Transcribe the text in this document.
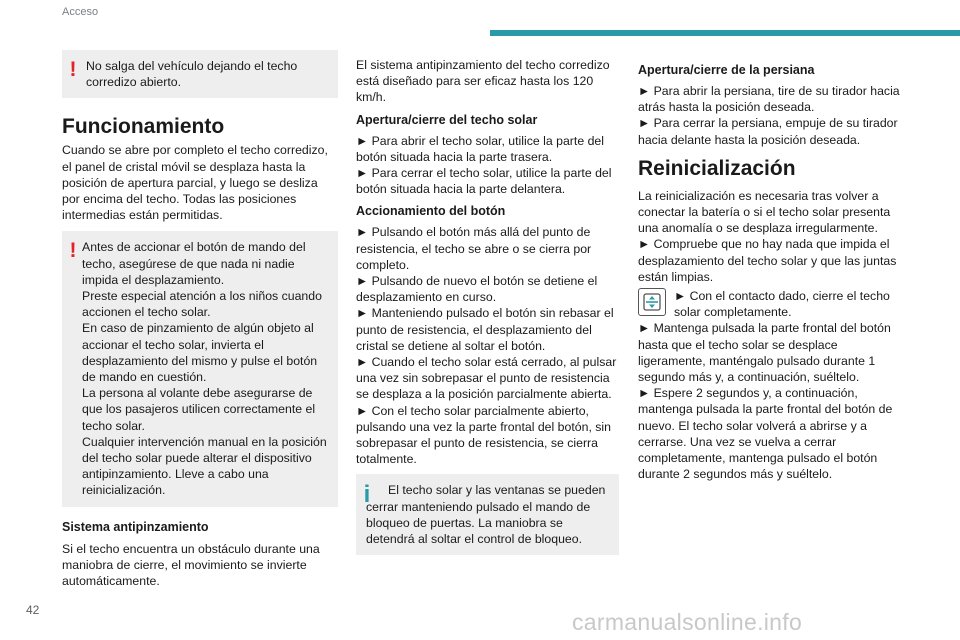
Acceso
! No salga del vehículo dejando el techo corredizo abierto.

Funcionamiento

Cuando se abre por completo el techo corredizo, el panel de cristal móvil se desplaza hasta la posición de apertura parcial, y luego se desliza por encima del techo. Todas las posiciones intermedias están permitidas.

! Antes de accionar el botón de mando del techo, asegúrese de que nada ni nadie impida el desplazamiento.

Preste especial atención a los niños cuando accionen el techo solar.

En caso de pinzamiento de algún objeto al accionar el techo solar, invierta el desplazamiento del mismo y pulse el botón de mando en cuestión.

La persona al volante debe asegurarse de que los pasajeros utilicen correctamente el techo solar.

Cualquier intervención manual en la posición del techo solar puede alterar el dispositivo antipinzamiento. Lleve a cabo una reinicialización.

Sistema antipinzamiento

Si el techo encuentra un obstáculo durante una maniobra de cierre, el movimiento se invierte automáticamente.

El sistema antipinzamiento del techo corredizo está diseñado para ser eficaz hasta los 120 km/h.

Apertura/cierre del techo solar

► Para abrir el techo solar, utilice la parte del botón situada hacia la parte trasera.

► Para cerrar el techo solar, utilice la parte del botón situada hacia la parte delantera.

Accionamiento del botón

► Pulsando el botón más allá del punto de resistencia, el techo se abre o se cierra por completo.

► Pulsando de nuevo el botón se detiene el desplazamiento en curso.

► Manteniendo pulsado el botón sin rebasar el punto de resistencia, el desplazamiento del cristal se detiene al soltar el botón.

► Cuando el techo solar está cerrado, al pulsar una vez sin sobrepasar el punto de resistencia se desplaza a la posición parcialmente abierta.

► Con el techo solar parcialmente abierto, pulsando una vez la parte frontal del botón, sin sobrepasar el punto de resistencia, se cierra totalmente.

i	El techo solar y las ventanas se pueden cerrar manteniendo pulsado el mando de bloqueo de puertas. La maniobra se detendrá al soltar el control de bloqueo.

Apertura/cierre de la persiana

► Para abrir la persiana, tire de su tirador hacia atrás hasta la posición deseada.

► Para cerrar la persiana, empuje de su tirador hacia delante hasta la posición deseada.

Reinicialización

La reinicialización es necesaria tras volver a conectar la batería o si el techo solar presenta una anomalía o se desplaza irregularmente.

► Compruebe que no hay nada que impida el desplazamiento del techo solar y que las juntas están limpias.

► Con el contacto dado, cierre el techo solar completamente.

► Mantenga pulsada la parte frontal del botón hasta que el techo solar se desplace ligeramente, manténgalo pulsado durante 1 segundo más y, a continuación, suéltelo.

► Espere 2 segundos y, a continuación, mantenga pulsada la parte frontal del botón de nuevo. El techo solar volverá a abrirse y a cerrarse. Una vez se vuelva a cerrar completamente, mantenga pulsado el botón durante 2 segundos más y suéltelo.

42	carmanualsonline.info
